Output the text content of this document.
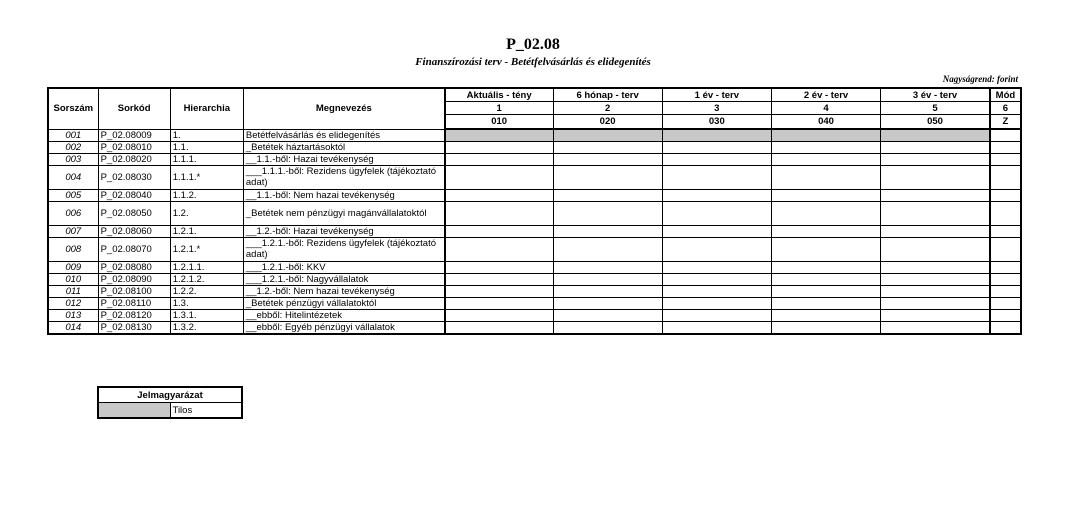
P_02.08
Finanszírozási terv - Betétfelvásárlás és elidegenítés
Nagyságrend: forint
Sorszám	Sorkód	Hierarchia	Megnevezés	Aktuális - tény	6 hónap - terv	1 év - terv	2 év - terv	3 év - terv	Mód
				1	2	3	4	5	6
				010	020	030	040	050	Z
001	P_02.08009	1.	Betétfelvásárlás és elidegenítés						
002	P_02.08010	1.1.	_Betétek háztartásoktól						
003	P_02.08020	1.1.1.	__1.1.-ből: Hazai tevékenység						
004	P_02.08030	1.1.1.*	___1.1.1.-ből: Rezidens ügyfelek (tájékoztató adat)						
005	P_02.08040	1.1.2.	__1.1.-ből: Nem hazai tevékenység						
006	P_02.08050	1.2.	_Betétek nem pénzügyi magánvállalatoktól						
007	P_02.08060	1.2.1.	__1.2.-ből: Hazai tevékenység						
008	P_02.08070	1.2.1.*	___1.2.1.-ből: Rezidens ügyfelek (tájékoztató adat)						
009	P_02.08080	1.2.1.1.	___1.2.1.-ből: KKV						
010	P_02.08090	1.2.1.2.	___1.2.1.-ből: Nagyvállalatok						
011	P_02.08100	1.2.2.	__1.2.-ből: Nem hazai tevékenység						
012	P_02.08110	1.3.	_Betétek pénzügyi vállalatoktól						
013	P_02.08120	1.3.1.	__ebből: Hitelintézetek						
014	P_02.08130	1.3.2.	__ebből: Egyéb pénzügyi vállalatok						
Jelmagyarázat
	Tilos
